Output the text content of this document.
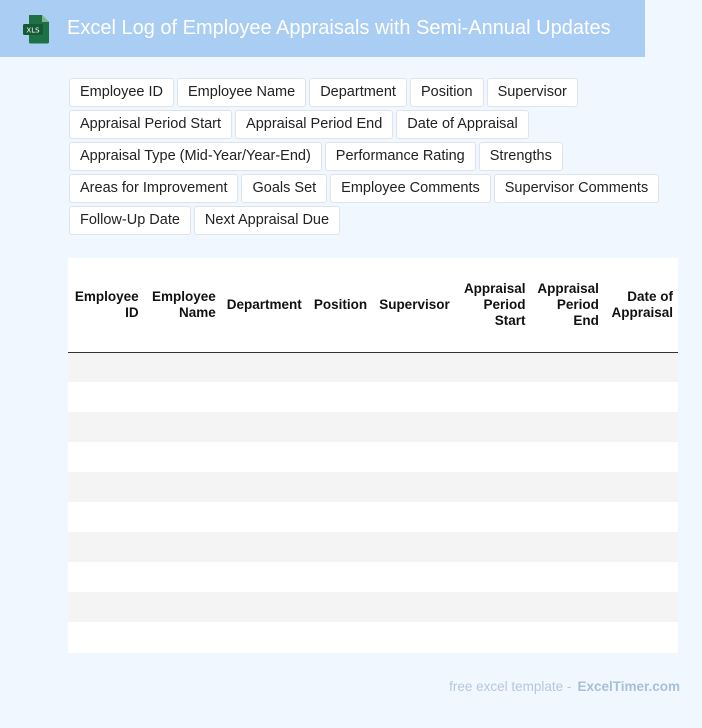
XLS Excel Log of Employee Appraisals with Semi-Annual Updates
Employee ID	Employee Name	Department	Position	Supervisor
Appraisal Period Start	Appraisal Period End	Date of Appraisal
Appraisal Type (Mid-Year/Year-End)	Performance Rating	Strengths
Areas for Improvement	Goals Set	Employee Comments	Supervisor Comments
Follow-Up Date	Next Appraisal Due
Employee ID	Employee Name	Department	Position	Supervisor	Appraisal Period Start	Appraisal Period End	Date of Appraisal

free excel template - ExcelTimer.com
